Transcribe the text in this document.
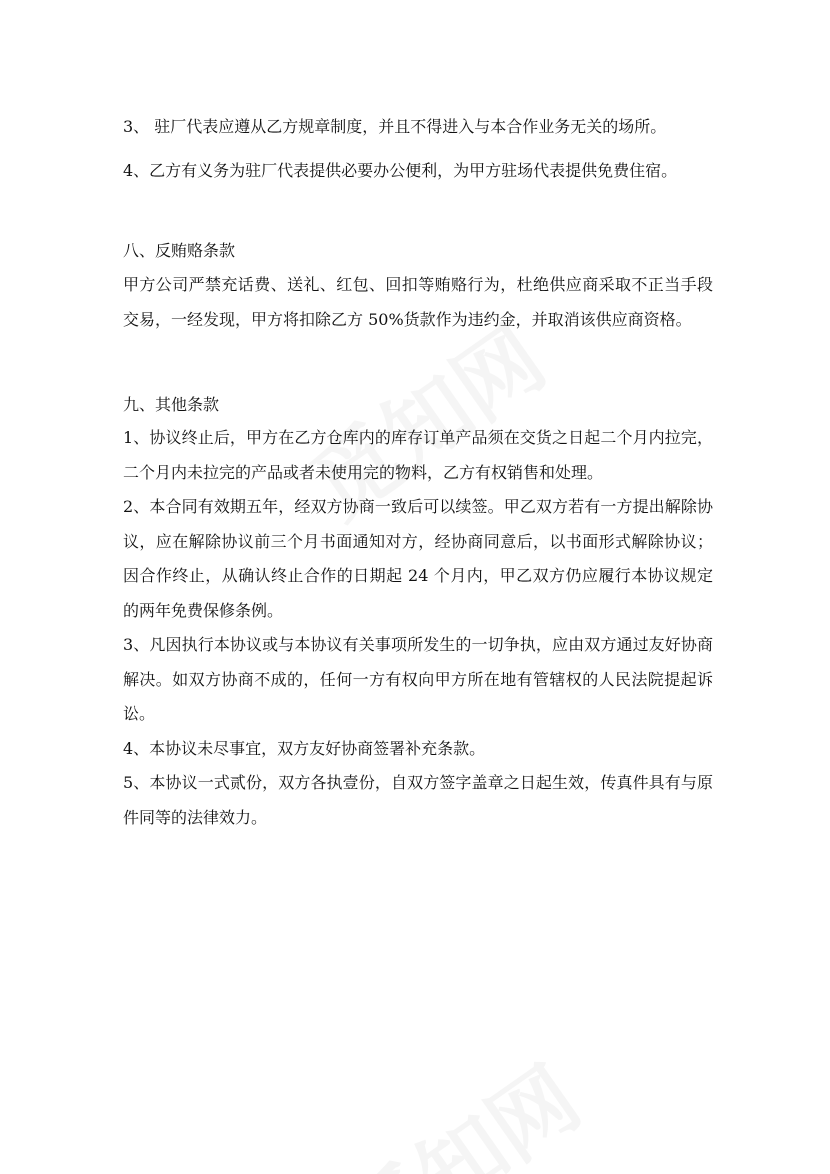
3、 驻厂代表应遵从乙方规章制度，并且不得进入与本合作业务无关的场所。

4、乙方有义务为驻厂代表提供必要办公便利，为甲方驻场代表提供免费住宿。

八、反贿赂条款

甲方公司严禁充话费、送礼、红包、回扣等贿赂行为，杜绝供应商采取不正当手段交易，一经发现，甲方将扣除乙方 50%货款作为违约金，并取消该供应商资格。

九、其他条款

1、协议终止后，甲方在乙方仓库内的库存订单产品须在交货之日起二个月内拉完，二个月内未拉完的产品或者未使用完的物料，乙方有权销售和处理。

2、本合同有效期五年，经双方协商一致后可以续签。甲乙双方若有一方提出解除协议，应在解除协议前三个月书面通知对方，经协商同意后，以书面形式解除协议；因合作终止，从确认终止合作的日期起 24 个月内，甲乙双方仍应履行本协议规定的两年免费保修条例。

3、凡因执行本协议或与本协议有关事项所发生的一切争执，应由双方通过友好协商解决。如双方协商不成的，任何一方有权向甲方所在地有管辖权的人民法院提起诉讼。

4、本协议未尽事宜，双方友好协商签署补充条款。

5、本协议一式贰份，双方各执壹份，自双方签字盖章之日起生效，传真件具有与原件同等的法律效力。
